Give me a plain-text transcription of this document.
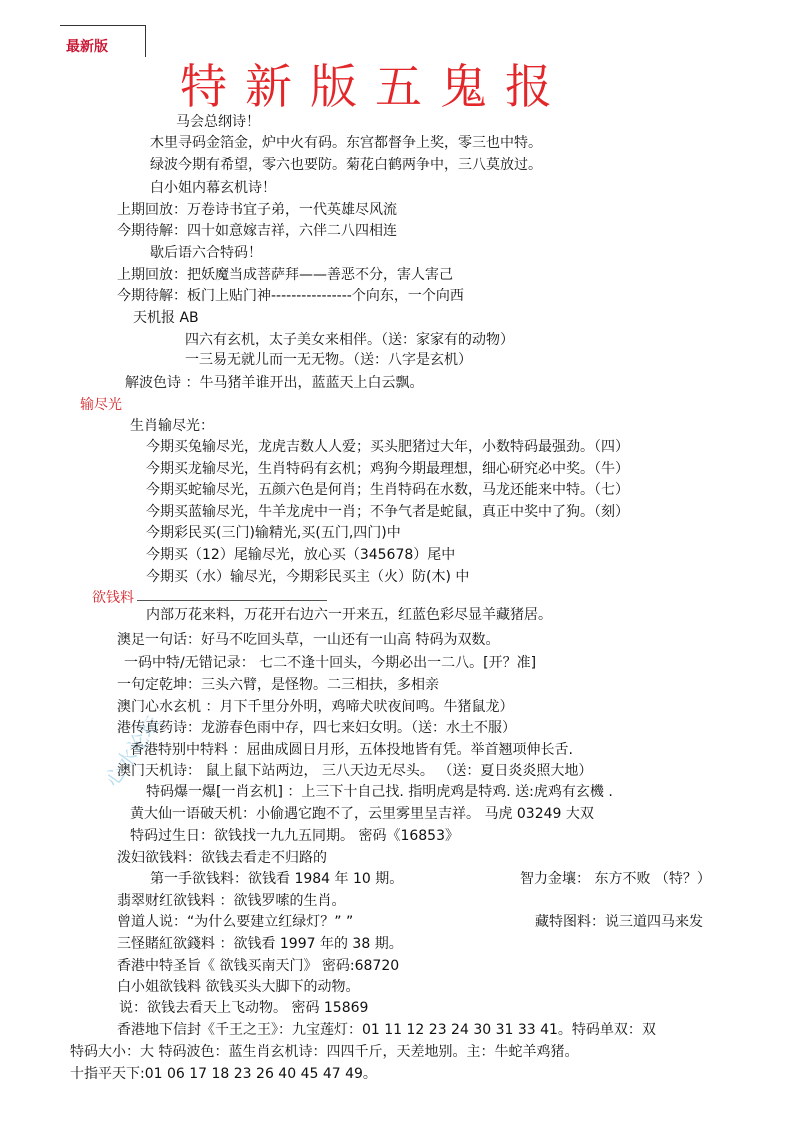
最新版
特新版五鬼报
心水论坛
马会总纲诗！
木里寻码金箔金，炉中火有码。东宫都督争上奖，零三也中特。
绿波今期有希望，零六也要防。菊花白鹤两争中，三八莫放过。
白小姐内幕玄机诗！
上期回放：万卷诗书宜子弟，一代英雄尽风流
今期待解：四十如意嫁吉祥，六伴二八四相连
歇后语六合特码！
上期回放：把妖魔当成菩萨拜——善恶不分，害人害己
今期待解：板门上贴门神----------------个向东，一个向西
天机报 AB
四六有玄机，太子美女来相伴。（送：家家有的动物）
一三易无就儿而一无无物。（送：八字是玄机）
解波色诗 ：牛马猪羊谁开出，蓝蓝天上白云飘。
输尽光
生肖输尽光：
今期买兔输尽光，龙虎吉数人人爱；买头肥猪过大年，小数特码最强劲。（四）
今期买龙输尽光，生肖特码有玄机；鸡狗今期最理想，细心研究必中奖。（牛）
今期买蛇输尽光，五颜六色是何肖；生肖特码在水数，马龙还能来中特。（七）
今期买蓝输尽光，牛羊龙虎中一肖；不争气者是蛇鼠，真正中奖中了狗。（刻）
今期彩民买(三门)输精光,买(五门,四门)中
今期买（12）尾输尽光，放心买（345678）尾中
今期买（水）输尽光，今期彩民买主（火）防(木) 中
欲钱料
内部万花来料，万花开右边六一开来五，红蓝色彩尽显羊藏猪居。
澳足一句话：好马不吃回头草，一山还有一山高 特码为双数。
一码中特/无错记录： 七二不逢十回头，今期必出一二八。[开？准]
一句定乾坤：三头六臂，是怪物。二三相扶，多相亲
澳门心水玄机 ：月下千里分外明，鸡啼犬吠夜间鸣。牛猪鼠龙）
港传真药诗：龙游春色雨中存，四七来妇女明。（送：水土不服）
香港特别中特料 ：屈曲成圆日月形，五体投地皆有凭。举首翘项伸长舌.
澳门天机诗： 鼠上鼠下站两边， 三八天边无尽头。 （送：夏日炎炎照大地）
特码爆一爆[一肖玄机] ：上三下十自己找. 指明虎鸡是特鸡. 送:虎鸡有玄機 .
黄大仙一语破天机：小偷遇它跑不了，云里雾里呈吉祥。 马虎 03249 大双
特码过生日：欲钱找一九九五同期。 密码《16853》
泼妇欲钱料：欲钱去看走不归路的
第一手欲钱料：欲钱看 1984 年 10 期。	智力金壤： 东方不败 （特？）
翡翠财红欲钱料 ：欲钱罗嗦的生肖。
曾道人说：“为什么要建立红绿灯？” ”	藏特图料：说三道四马来发
三怪賭紅欲錢料 ：欲钱看 1997 年的 38 期。
香港中特圣旨《 欲钱买南天门》 密码:68720
白小姐欲钱料 欲钱买头大脚下的动物。
说：欲钱去看天上飞动物。 密码 15869
香港地下信封《千王之王》：九宝莲灯：01 11 12 23 24 30 31 33 41。特码单双：双
特码大小：大 特码波色：蓝生肖玄机诗：四四千斤，天差地别。主：牛蛇羊鸡猪。
十指平天下:01 06 17 18 23 26 40 45 47 49。
